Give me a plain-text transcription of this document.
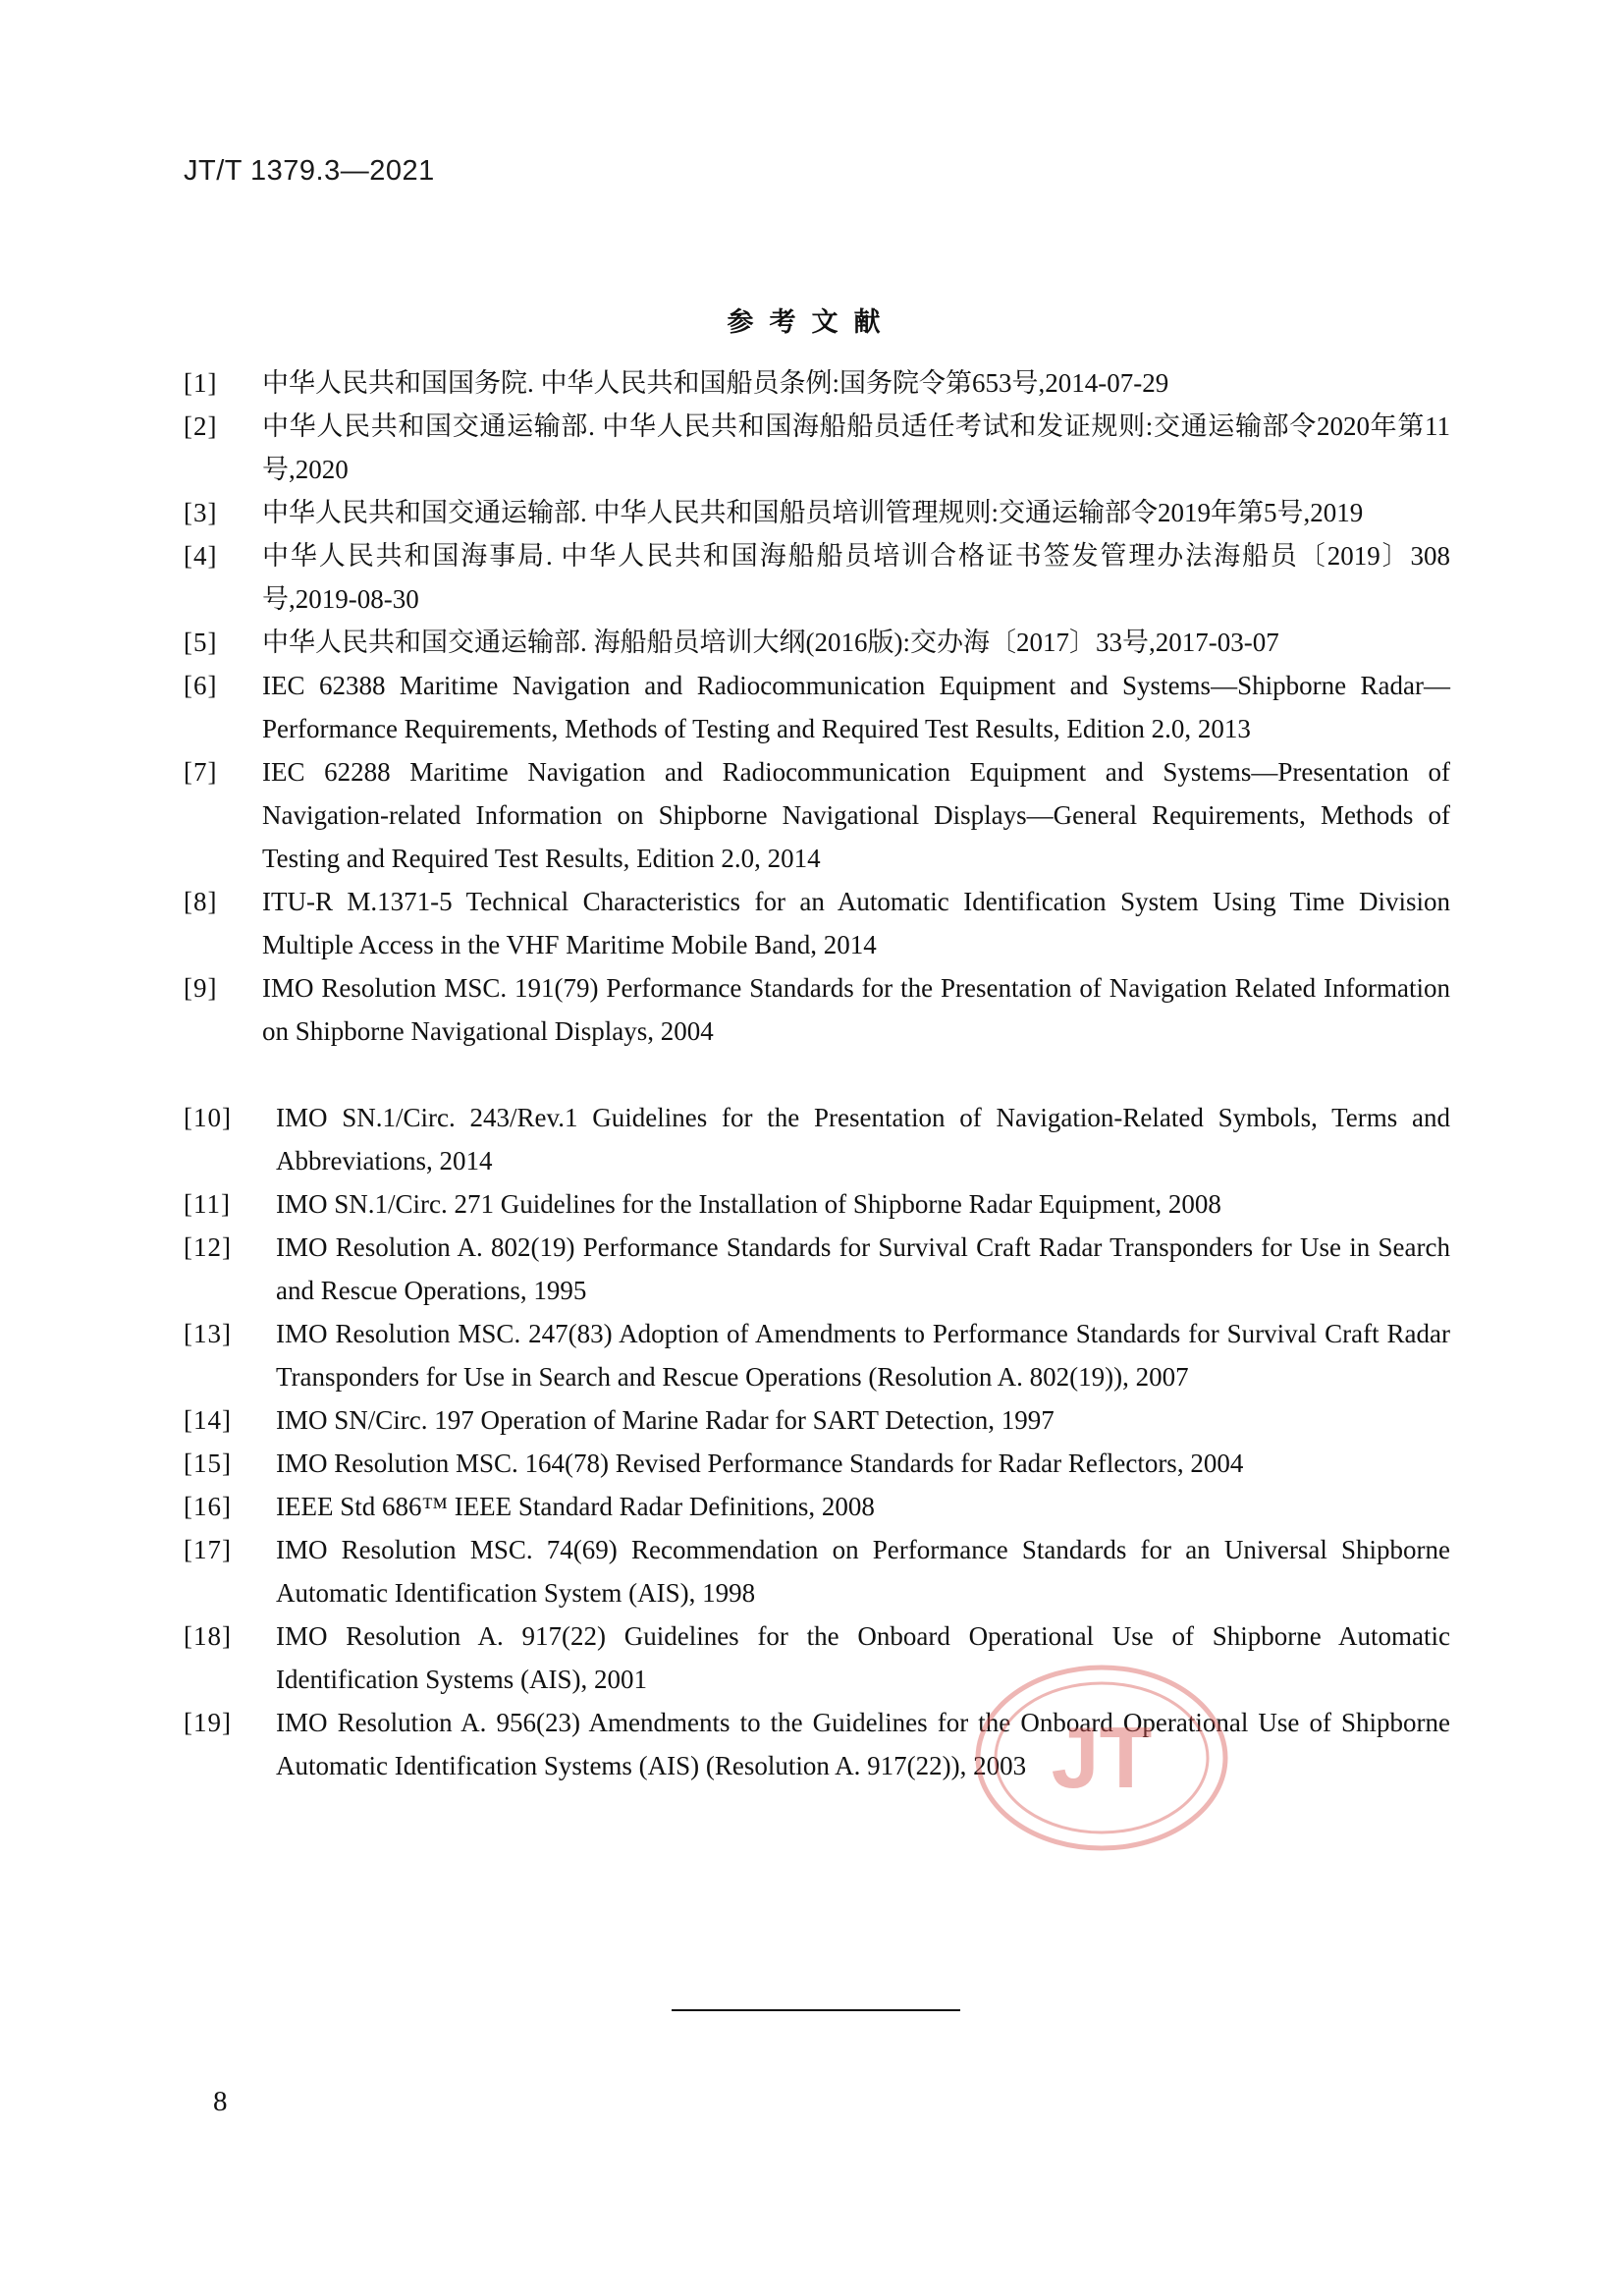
JT/T 1379.3—2021
参考文献
[1]	中华人民共和国国务院. 中华人民共和国船员条例:国务院令第653号,2014-07-29
[2]	中华人民共和国交通运输部. 中华人民共和国海船船员适任考试和发证规则:交通运输部令2020年第11号,2020
[3]	中华人民共和国交通运输部. 中华人民共和国船员培训管理规则:交通运输部令2019年第5号,2019
[4]	中华人民共和国海事局. 中华人民共和国海船船员培训合格证书签发管理办法海船员〔2019〕308号,2019-08-30
[5]	中华人民共和国交通运输部. 海船船员培训大纲(2016版):交办海〔2017〕33号,2017-03-07
[6]	IEC 62388 Maritime Navigation and Radiocommunication Equipment and Systems—Shipborne Radar—Performance Requirements, Methods of Testing and Required Test Results, Edition 2.0, 2013
[7]	IEC 62288 Maritime Navigation and Radiocommunication Equipment and Systems—Presentation of Navigation-related Information on Shipborne Navigational Displays—General Requirements, Methods of Testing and Required Test Results, Edition 2.0, 2014
[8]	ITU-R M.1371-5 Technical Characteristics for an Automatic Identification System Using Time Division Multiple Access in the VHF Maritime Mobile Band, 2014
[9]	IMO Resolution MSC. 191(79) Performance Standards for the Presentation of Navigation Related Information on Shipborne Navigational Displays, 2004
[10]	IMO SN.1/Circ. 243/Rev.1 Guidelines for the Presentation of Navigation-Related Symbols, Terms and Abbreviations, 2014
[11]	IMO SN.1/Circ. 271 Guidelines for the Installation of Shipborne Radar Equipment, 2008
[12]	IMO Resolution A. 802(19) Performance Standards for Survival Craft Radar Transponders for Use in Search and Rescue Operations, 1995
[13]	IMO Resolution MSC. 247(83) Adoption of Amendments to Performance Standards for Survival Craft Radar Transponders for Use in Search and Rescue Operations (Resolution A. 802(19)), 2007
[14]	IMO SN/Circ. 197 Operation of Marine Radar for SART Detection, 1997
[15]	IMO Resolution MSC. 164(78) Revised Performance Standards for Radar Reflectors, 2004
[16]	IEEE Std 686™ IEEE Standard Radar Definitions, 2008
[17]	IMO Resolution MSC. 74(69) Recommendation on Performance Standards for an Universal Shipborne Automatic Identification System (AIS), 1998
[18]	IMO Resolution A. 917(22) Guidelines for the Onboard Operational Use of Shipborne Automatic Identification Systems (AIS), 2001
[19]	IMO Resolution A. 956(23) Amendments to the Guidelines for the Onboard Operational Use of Shipborne Automatic Identification Systems (AIS) (Resolution A. 917(22)), 2003 JT
8
